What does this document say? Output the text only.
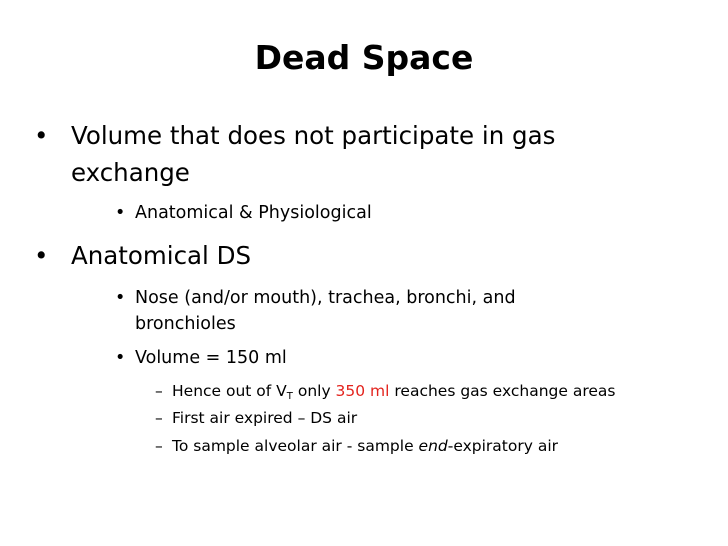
Dead Space
• Volume that does not participate in gas
exchange
• Anatomical & Physiological
• Anatomical DS
• Nose (and/or mouth), trachea, bronchi, and
bronchioles
• Volume = 150 ml
– Hence out of $V_T$ only 350 ml reaches gas exchange areas
– First air expired – DS air
– To sample alveolar air - sample end-expiratory air
